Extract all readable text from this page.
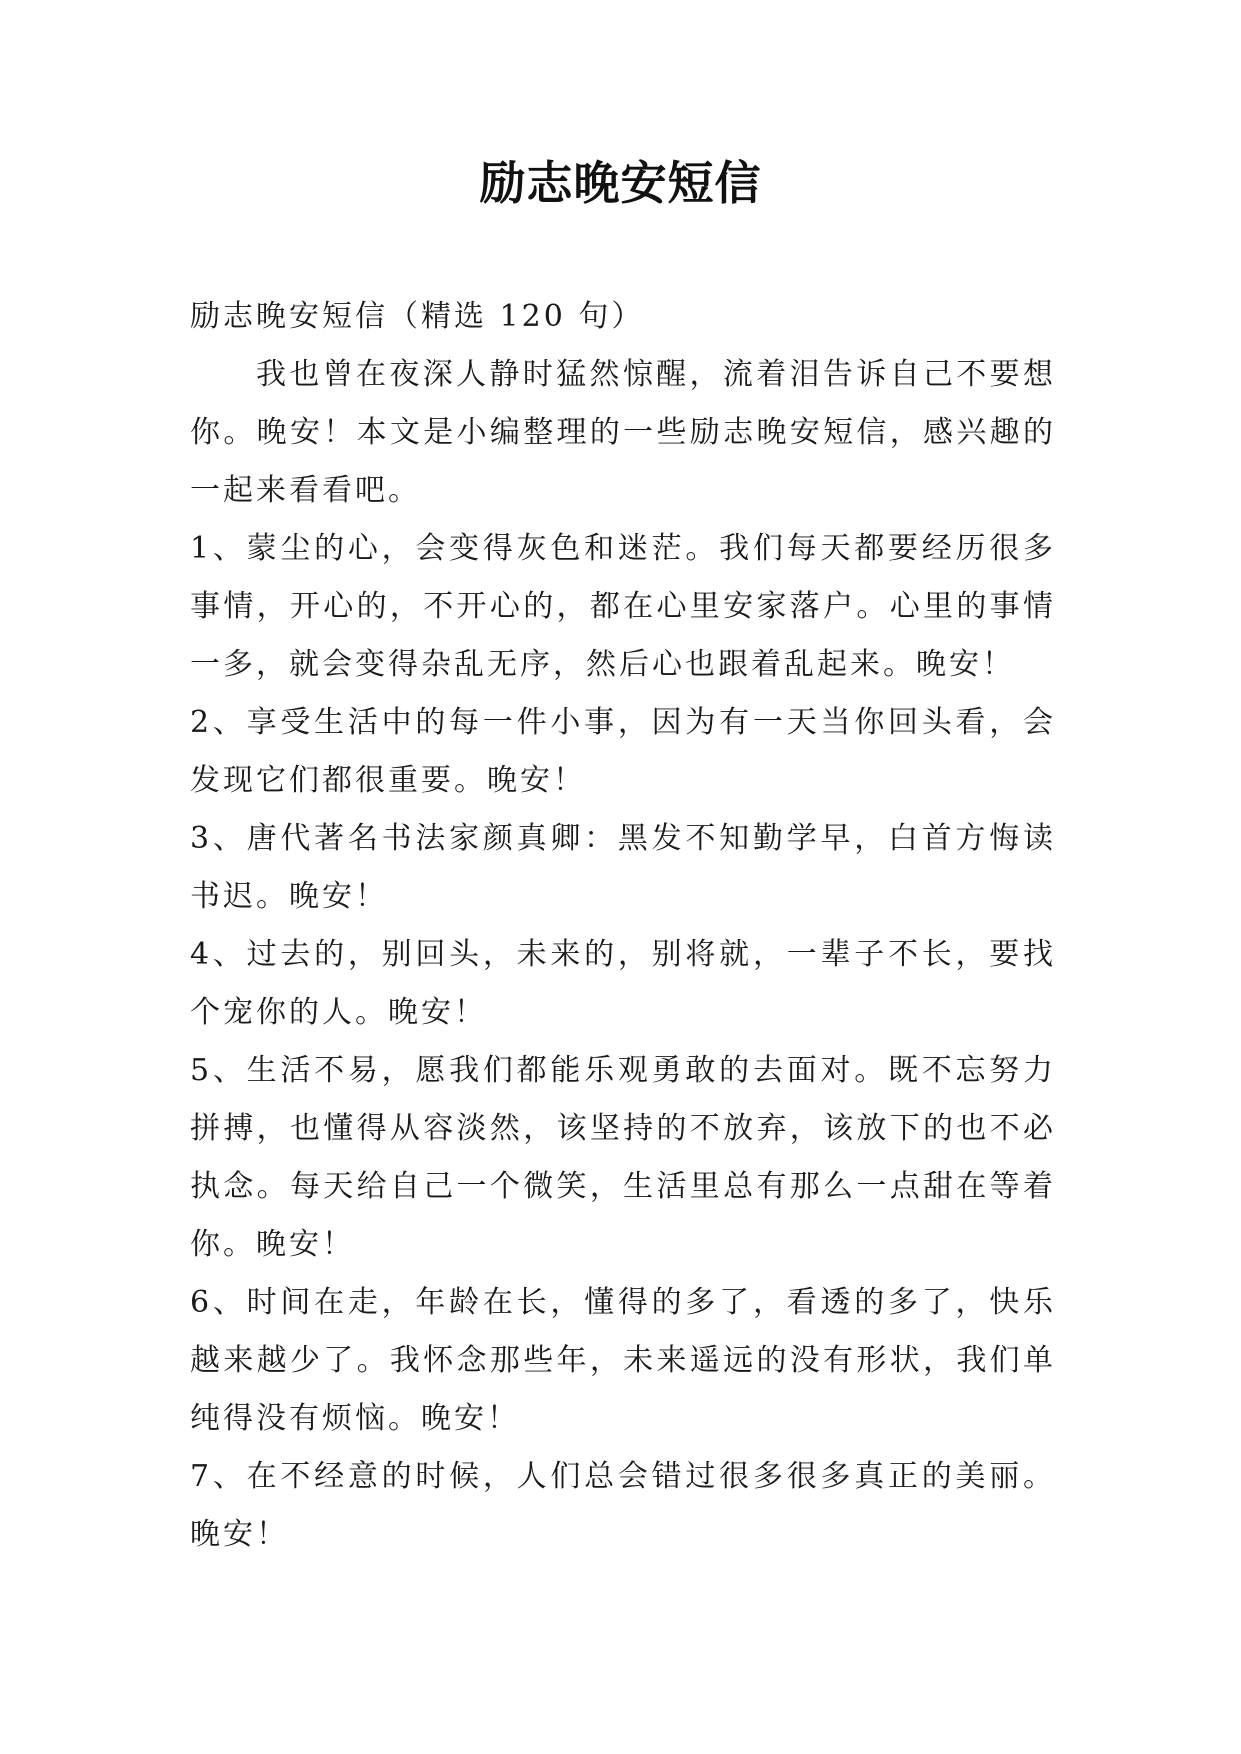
励志晚安短信

励志晚安短信（精选 120 句）

我也曾在夜深人静时猛然惊醒，流着泪告诉自己不要想你。晚安！本文是小编整理的一些励志晚安短信，感兴趣的一起来看看吧。

1、蒙尘的心，会变得灰色和迷茫。我们每天都要经历很多事情，开心的，不开心的，都在心里安家落户。心里的事情一多，就会变得杂乱无序，然后心也跟着乱起来。晚安！

2、享受生活中的每一件小事，因为有一天当你回头看，会发现它们都很重要。晚安！

3、唐代著名书法家颜真卿：黑发不知勤学早，白首方悔读书迟。晚安！

4、过去的，别回头，未来的，别将就，一辈子不长，要找个宠你的人。晚安！

5、生活不易，愿我们都能乐观勇敢的去面对。既不忘努力拼搏，也懂得从容淡然，该坚持的不放弃，该放下的也不必执念。每天给自己一个微笑，生活里总有那么一点甜在等着你。晚安！

6、时间在走，年龄在长，懂得的多了，看透的多了，快乐越来越少了。我怀念那些年，未来遥远的没有形状，我们单纯得没有烦恼。晚安！

7、在不经意的时候，人们总会错过很多很多真正的美丽。晚安！
